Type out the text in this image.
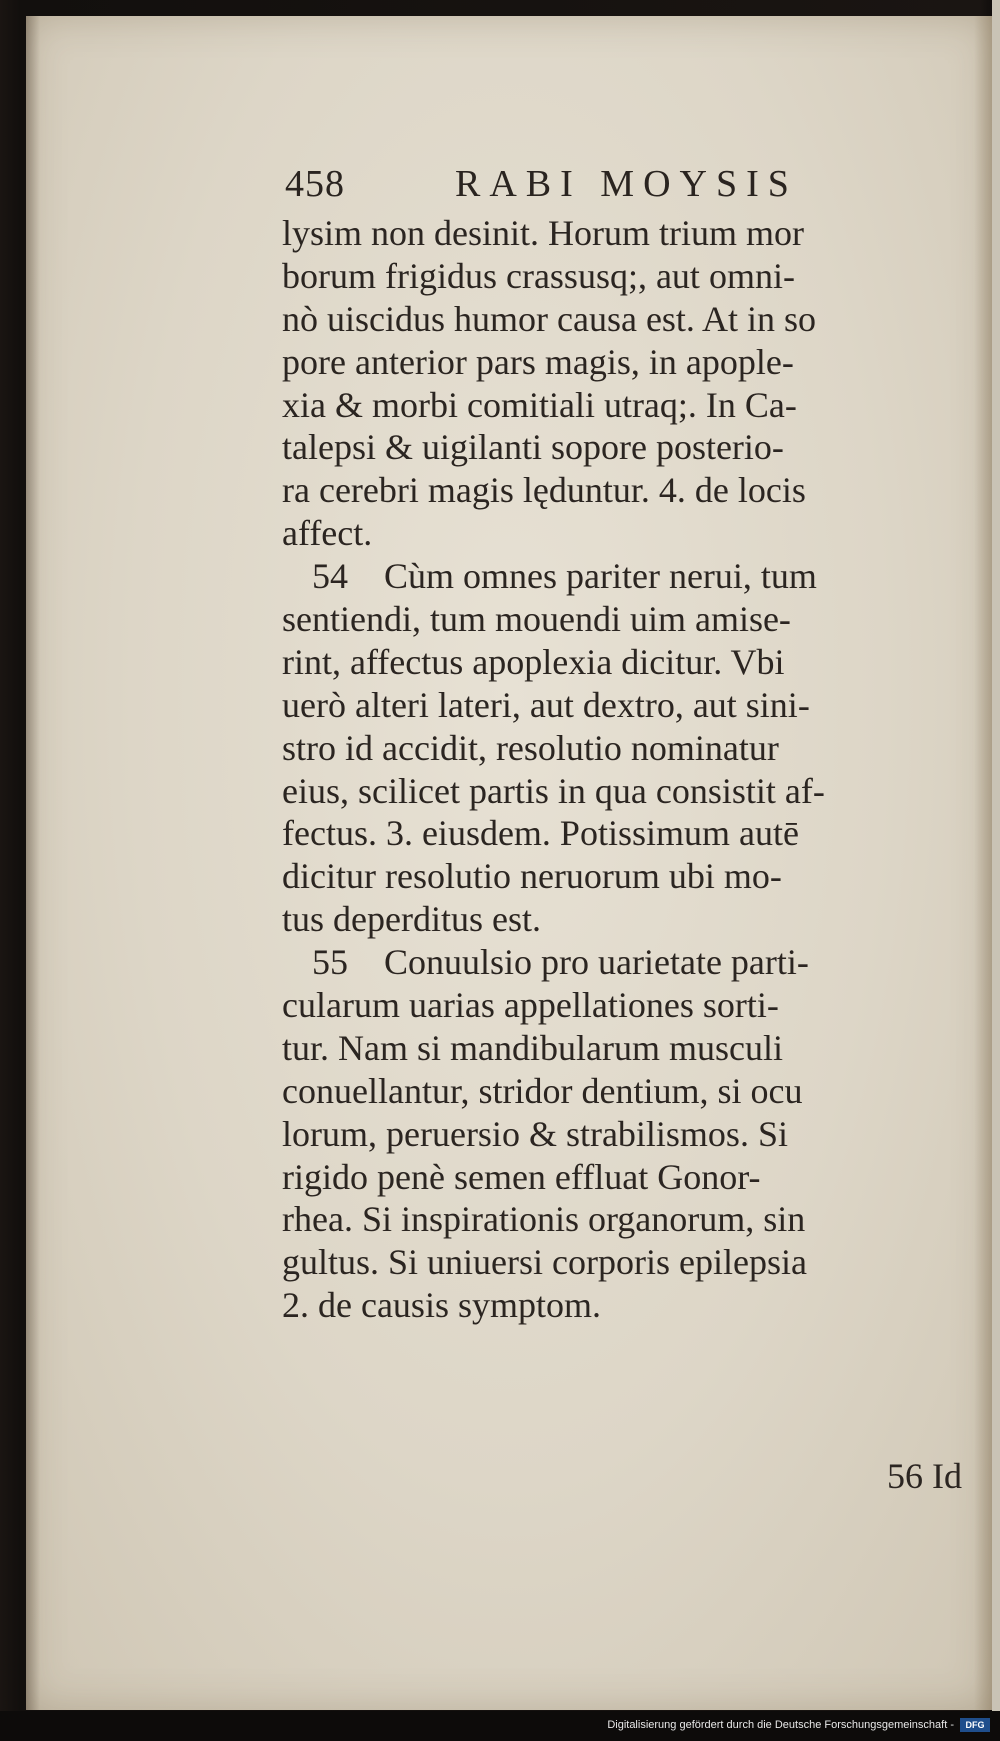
458	RABI MOYSIS
lysim non desinit. Horum trium mor
borum frigidus crassusq;, aut omni-
nò uiscidus humor causa est. At in so
pore anterior pars magis, in apople-
xia & morbi comitiali utraq;. In Ca-
talepsi & uigilanti sopore posterio-
ra cerebri magis lęduntur. 4. de locis
affect.
54 Cùm omnes pariter nerui, tum
sentiendi, tum mouendi uim amise-
rint, affectus apoplexia dicitur. Vbi
uerò alteri lateri, aut dextro, aut sini-
stro id accidit, resolutio nominatur
eius, scilicet partis in qua consistit af-
fectus. 3. eiusdem. Potissimum autē
dicitur resolutio neruorum ubi mo-
tus deperditus est.
55 Conuulsio pro uarietate parti-
cularum uarias appellationes sorti-
tur. Nam si mandibularum musculi
conuellantur, stridor dentium, si ocu
lorum, peruersio & strabilismos. Si
rigido penè semen effluat Gonor-
rhea. Si inspirationis organorum, sin
gultus. Si uniuersi corporis epilepsia
2. de causis symptom.
56 Id
Digitalisierung gefördert durch die Deutsche Forschungsgemeinschaft -	DFG
